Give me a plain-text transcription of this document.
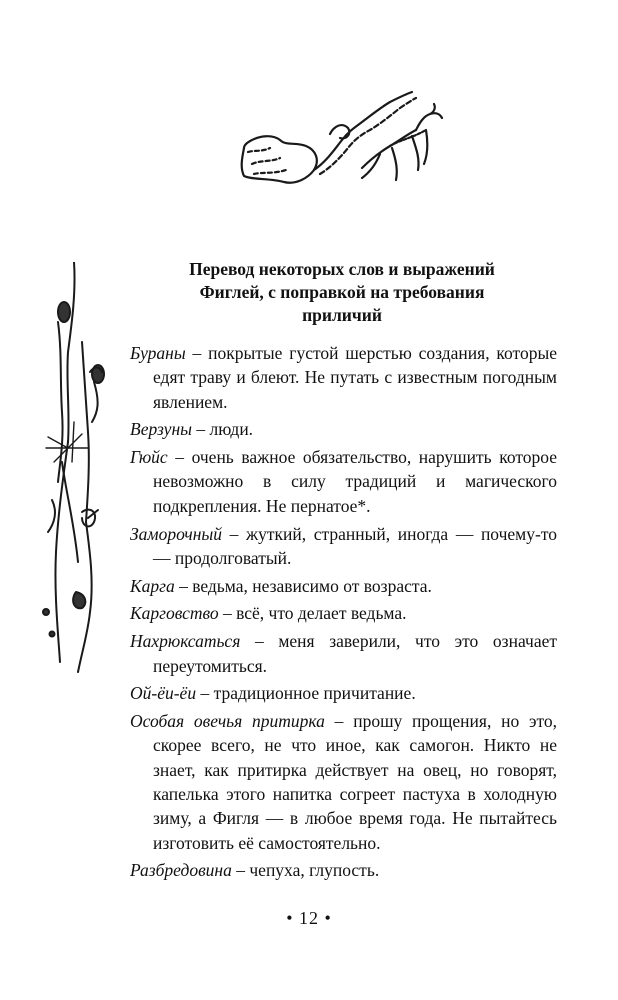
Перевод некоторых слов и выражений
Фиглей, с поправкой на требования
приличий

Бураны – покрытые густой шерстью создания, которые едят траву и блеют. Не путать с известным погодным явлением.

Верзуны – люди.

Гюйс – очень важное обязательство, нарушить которое невозможно в силу традиций и магического подкрепления. Не пернатое*.

Заморочный – жуткий, странный, иногда — почему-то — продолговатый.

Карга – ведьма, независимо от возраста.

Карговство – всё, что делает ведьма.

Нахрюксаться – меня заверили, что это означает переутомиться.

Ой-ёи-ёи – традиционное причитание.

Особая овечья притирка – прошу прощения, но это, скорее всего, не что иное, как самогон. Никто не знает, как притирка действует на овец, но говорят, капелька этого напитка согреет пастуха в холодную зиму, а Фигля — в любое время года. Не пытайтесь изготовить её самостоятельно.

Разбредовина – чепуха, глупость.

• 12 •
